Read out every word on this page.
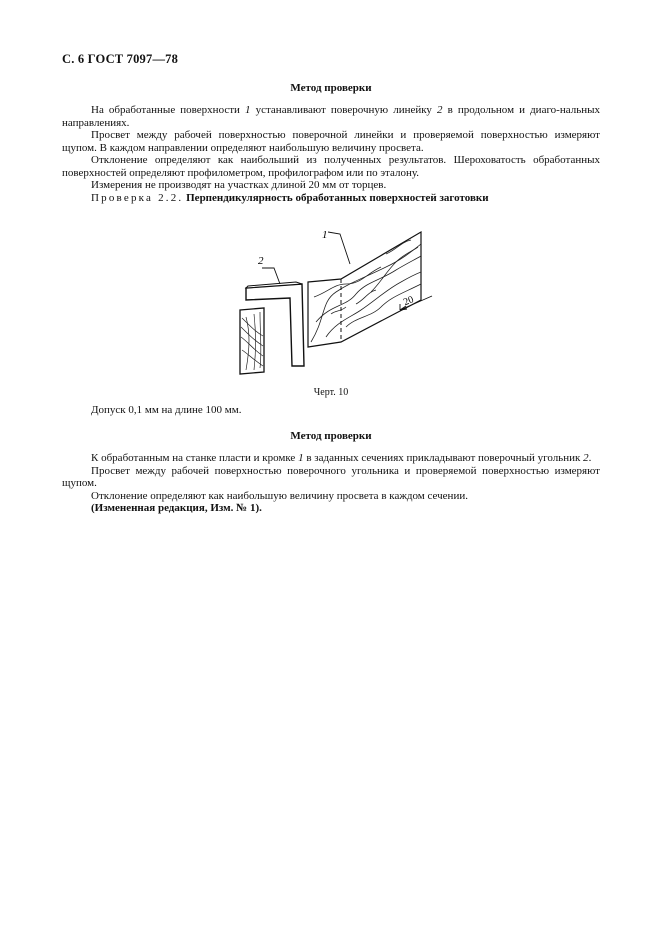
С. 6 ГОСТ 7097—78
Метод проверки

На обработанные поверхности 1 устанавливают поверочную линейку 2 в продольном и диаго-нальных направлениях.

Просвет между рабочей поверхностью поверочной линейки и проверяемой поверхностью измеряют щупом. В каждом направлении определяют наибольшую величину просвета.

Отклонение определяют как наибольший из полученных результатов. Шероховатость обработанных поверхностей определяют профилометром, профилографом или по эталону.

Измерения не производят на участках длиной 20 мм от торцев.

Проверка 2.2. Перпендикулярность обработанных поверхностей заготовки

2
1
20
Черт. 10

Допуск 0,1 мм на длине 100 мм.

Метод проверки

К обработанным на станке пласти и кромке 1 в заданных сечениях прикладывают поверочный угольник 2.

Просвет между рабочей поверхностью поверочного угольника и проверяемой поверхностью измеряют щупом.

Отклонение определяют как наибольшую величину просвета в каждом сечении.

(Измененная редакция, Изм. № 1).
